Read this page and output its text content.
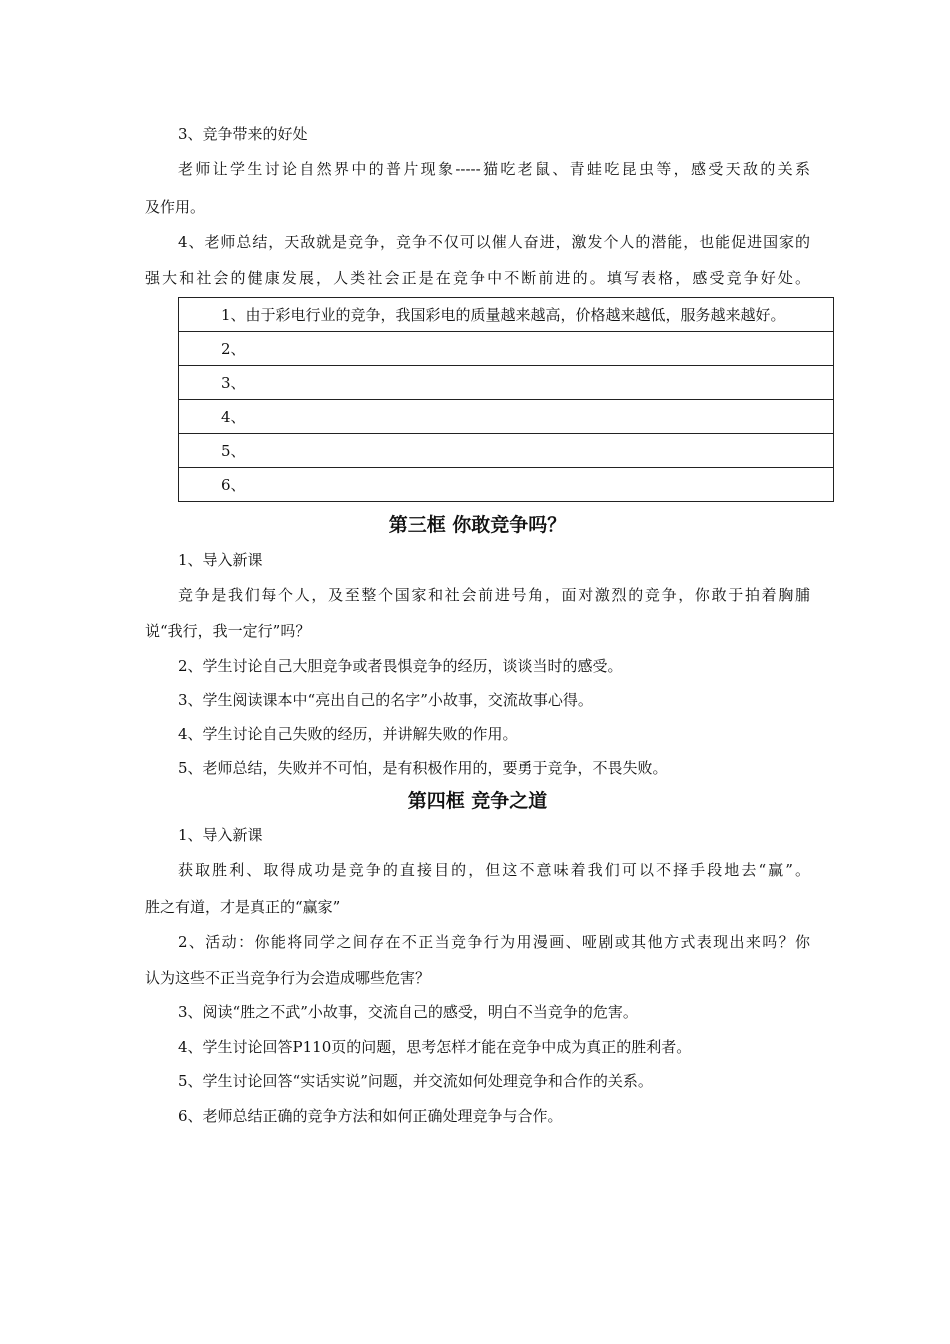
3、竞争带来的好处
老师让学生讨论自然界中的普片现象-----猫吃老鼠、青蛙吃昆虫等，感受天敌的关系
及作用。
4、老师总结，天敌就是竞争，竞争不仅可以催人奋进，激发个人的潜能，也能促进国家的
强大和社会的健康发展，人类社会正是在竞争中不断前进的。填写表格，感受竞争好处。
1、由于彩电行业的竞争，我国彩电的质量越来越高，价格越来越低，服务越来越好。
2、
3、
4、
5、
6、
第三框 你敢竞争吗？
1、导入新课
竞争是我们每个人，及至整个国家和社会前进号角，面对激烈的竞争，你敢于拍着胸脯
说“我行，我一定行”吗？
2、学生讨论自己大胆竞争或者畏惧竞争的经历，谈谈当时的感受。
3、学生阅读课本中“亮出自己的名字”小故事，交流故事心得。
4、学生讨论自己失败的经历，并讲解失败的作用。
5、老师总结，失败并不可怕，是有积极作用的，要勇于竞争，不畏失败。
第四框 竞争之道
1、导入新课
获取胜利、取得成功是竞争的直接目的，但这不意味着我们可以不择手段地去“赢”。
胜之有道，才是真正的“赢家”
2、活动：你能将同学之间存在不正当竞争行为用漫画、哑剧或其他方式表现出来吗？你
认为这些不正当竞争行为会造成哪些危害？
3、阅读“胜之不武”小故事，交流自己的感受，明白不当竞争的危害。
4、学生讨论回答P110页的问题，思考怎样才能在竞争中成为真正的胜利者。
5、学生讨论回答“实话实说”问题，并交流如何处理竞争和合作的关系。
6、老师总结正确的竞争方法和如何正确处理竞争与合作。
